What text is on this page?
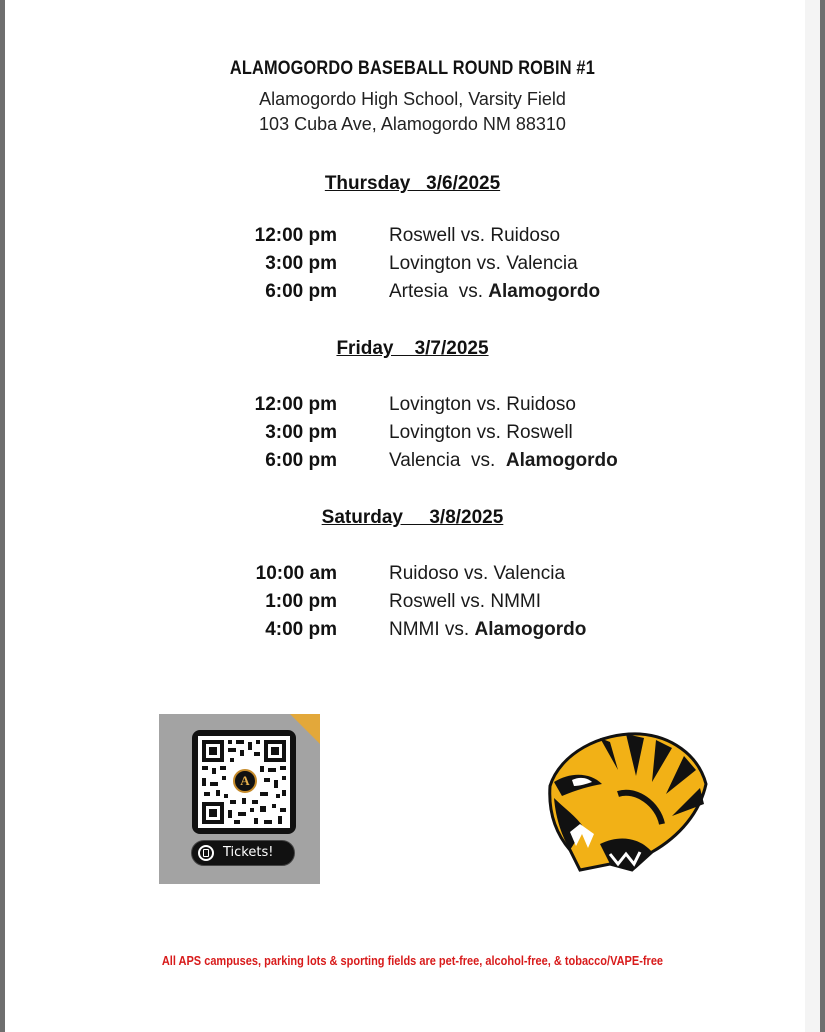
ALAMOGORDO BASEBALL ROUND ROBIN #1
Alamogordo High School, Varsity Field
103 Cuba Ave, Alamogordo NM 88310
Thursday   3/6/2025
12:00 pm	Roswell vs. Ruidoso
3:00 pm	Lovington vs. Valencia
6:00 pm	Artesia  vs. Alamogordo
Friday    3/7/2025
12:00 pm	Lovington vs. Ruidoso
3:00 pm	Lovington vs. Roswell
6:00 pm	Valencia  vs.  Alamogordo
Saturday     3/8/2025
10:00 am	Ruidoso vs. Valencia
1:00 pm	Roswell vs. NMMI
4:00 pm	NMMI vs. Alamogordo
A
Tickets!
All APS campuses, parking lots & sporting fields are pet-free, alcohol-free, & tobacco/VAPE-free
